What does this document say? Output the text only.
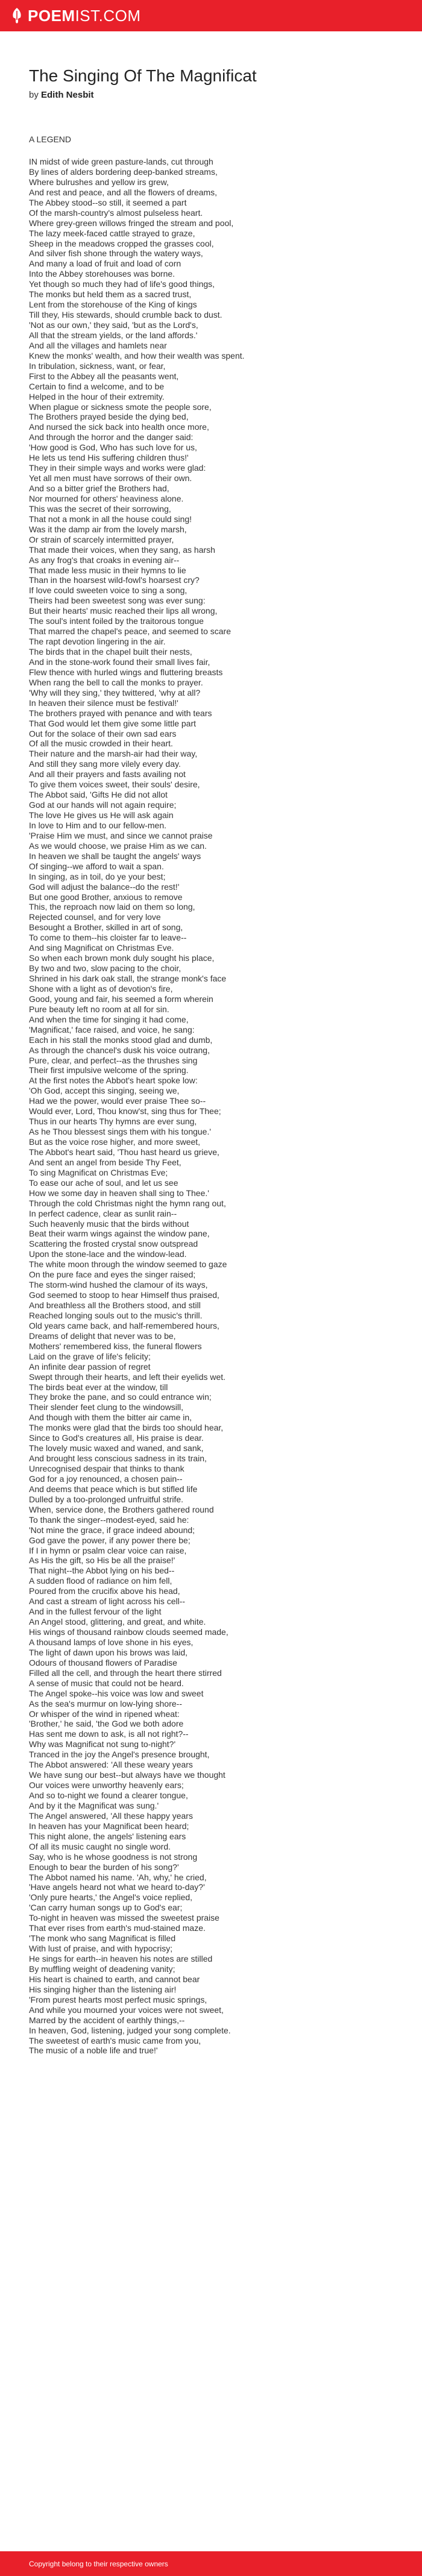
POEM IST.COM
The Singing Of The Magnificat
by Edith Nesbit
A LEGEND
IN midst of wide green pasture-lands, cut through
By lines of alders bordering deep-banked streams,
Where bulrushes and yellow irs grew,
And rest and peace, and all the flowers of dreams,
The Abbey stood--so still, it seemed a part
Of the marsh-country's almost pulseless heart.
Where grey-green willows fringed the stream and pool,
The lazy meek-faced cattle strayed to graze,
Sheep in the meadows cropped the grasses cool,
And silver fish shone through the watery ways,
And many a load of fruit and load of corn
Into the Abbey storehouses was borne.
Yet though so much they had of life's good things,
The monks but held them as a sacred trust,
Lent from the storehouse of the King of kings
Till they, His stewards, should crumble back to dust.
'Not as our own,' they said, 'but as the Lord's,
All that the stream yields, or the land affords.'
And all the villages and hamlets near
Knew the monks' wealth, and how their wealth was spent.
In tribulation, sickness, want, or fear,
First to the Abbey all the peasants went,
Certain to find a welcome, and to be
Helped in the hour of their extremity.
When plague or sickness smote the people sore,
The Brothers prayed beside the dying bed,
And nursed the sick back into health once more,
And through the horror and the danger said:
'How good is God, Who has such love for us,
He lets us tend His suffering children thus!'
They in their simple ways and works were glad:
Yet all men must have sorrows of their own.
And so a bitter grief the Brothers had,
Nor mourned for others' heaviness alone.
This was the secret of their sorrowing,
That not a monk in all the house could sing!
Was it the damp air from the lovely marsh,
Or strain of scarcely intermitted prayer,
That made their voices, when they sang, as harsh
As any frog's that croaks in evening air--
That made less music in their hymns to lie
Than in the hoarsest wild-fowl's hoarsest cry?
If love could sweeten voice to sing a song,
Theirs had been sweetest song was ever sung:
But their hearts' music reached their lips all wrong,
The soul's intent foiled by the traitorous tongue
That marred the chapel's peace, and seemed to scare
The rapt devotion lingering in the air.
The birds that in the chapel built their nests,
And in the stone-work found their small lives fair,
Flew thence with hurled wings and fluttering breasts
When rang the bell to call the monks to prayer.
'Why will they sing,' they twittered, 'why at all?
In heaven their silence must be festival!'
The brothers prayed with penance and with tears
That God would let them give some little part
Out for the solace of their own sad ears
Of all the music crowded in their heart.
Their nature and the marsh-air had their way,
And still they sang more vilely every day.
And all their prayers and fasts availing not
To give them voices sweet, their souls' desire,
The Abbot said, 'Gifts He did not allot
God at our hands will not again require;
The love He gives us He will ask again
In love to Him and to our fellow-men.
'Praise Him we must, and since we cannot praise
As we would choose, we praise Him as we can.
In heaven we shall be taught the angels' ways
Of singing--we afford to wait a span.
In singing, as in toil, do ye your best;
God will adjust the balance--do the rest!'
But one good Brother, anxious to remove
This, the reproach now laid on them so long,
Rejected counsel, and for very love
Besought a Brother, skilled in art of song,
To come to them--his cloister far to leave--
And sing Magnificat on Christmas Eve.
So when each brown monk duly sought his place,
By two and two, slow pacing to the choir,
Shrined in his dark oak stall, the strange monk's face
Shone with a light as of devotion's fire,
Good, young and fair, his seemed a form wherein
Pure beauty left no room at all for sin.
And when the time for singing it had come,
'Magnificat,' face raised, and voice, he sang:
Each in his stall the monks stood glad and dumb,
As through the chancel's dusk his voice outrang,
Pure, clear, and perfect--as the thrushes sing
Their first impulsive welcome of the spring.
At the first notes the Abbot's heart spoke low:
'Oh God, accept this singing, seeing we,
Had we the power, would ever praise Thee so--
Would ever, Lord, Thou know'st, sing thus for Thee;
Thus in our hearts Thy hymns are ever sung,
As he Thou blessest sings them with his tongue.'
But as the voice rose higher, and more sweet,
The Abbot's heart said, 'Thou hast heard us grieve,
And sent an angel from beside Thy Feet,
To sing Magnificat on Christmas Eve;
To ease our ache of soul, and let us see
How we some day in heaven shall sing to Thee.'
Through the cold Christmas night the hymn rang out,
In perfect cadence, clear as sunlit rain--
Such heavenly music that the birds without
Beat their warm wings against the window pane,
Scattering the frosted crystal snow outspread
Upon the stone-lace and the window-lead.
The white moon through the window seemed to gaze
On the pure face and eyes the singer raised;
The storm-wind hushed the clamour of its ways,
God seemed to stoop to hear Himself thus praised,
And breathless all the Brothers stood, and still
Reached longing souls out to the music's thrill.
Old years came back, and half-remembered hours,
Dreams of delight that never was to be,
Mothers' remembered kiss, the funeral flowers
Laid on the grave of life's felicity;
An infinite dear passion of regret
Swept through their hearts, and left their eyelids wet.
The birds beat ever at the window, till
They broke the pane, and so could entrance win;
Their slender feet clung to the windowsill,
And though with them the bitter air came in,
The monks were glad that the birds too should hear,
Since to God's creatures all, His praise is dear.
The lovely music waxed and waned, and sank,
And brought less conscious sadness in its train,
Unrecognised despair that thinks to thank
God for a joy renounced, a chosen pain--
And deems that peace which is but stifled life
Dulled by a too-prolonged unfruitful strife.
When, service done, the Brothers gathered round
To thank the singer--modest-eyed, said he:
'Not mine the grace, if grace indeed abound;
God gave the power, if any power there be;
If I in hymn or psalm clear voice can raise,
As His the gift, so His be all the praise!'
That night--the Abbot lying on his bed--
A sudden flood of radiance on him fell,
Poured from the crucifix above his head,
And cast a stream of light across his cell--
And in the fullest fervour of the light
An Angel stood, glittering, and great, and white.
His wings of thousand rainbow clouds seemed made,
A thousand lamps of love shone in his eyes,
The light of dawn upon his brows was laid,
Odours of thousand flowers of Paradise
Filled all the cell, and through the heart there stirred
A sense of music that could not be heard.
The Angel spoke--his voice was low and sweet
As the sea's murmur on low-lying shore--
Or whisper of the wind in ripened wheat:
'Brother,' he said, 'the God we both adore
Has sent me down to ask, is all not right?--
Why was Magnificat not sung to-night?'
Tranced in the joy the Angel's presence brought,
The Abbot answered: 'All these weary years
We have sung our best--but always have we thought
Our voices were unworthy heavenly ears;
And so to-night we found a clearer tongue,
And by it the Magnificat was sung.'
The Angel answered, 'All these happy years
In heaven has your Magnificat been heard;
This night alone, the angels' listening ears
Of all its music caught no single word.
Say, who is he whose goodness is not strong
Enough to bear the burden of his song?'
The Abbot named his name. 'Ah, why,' he cried,
'Have angels heard not what we heard to-day?'
'Only pure hearts,' the Angel's voice replied,
'Can carry human songs up to God's ear;
To-night in heaven was missed the sweetest praise
That ever rises from earth's mud-stained maze.
'The monk who sang Magnificat is filled
With lust of praise, and with hypocrisy;
He sings for earth--in heaven his notes are stilled
By muffling weight of deadening vanity;
His heart is chained to earth, and cannot bear
His singing higher than the listening air!
'From purest hearts most perfect music springs,
And while you mourned your voices were not sweet,
Marred by the accident of earthly things,--
In heaven, God, listening, judged your song complete.
The sweetest of earth's music came from you,
The music of a noble life and true!'
Copyright belong to their respective owners
